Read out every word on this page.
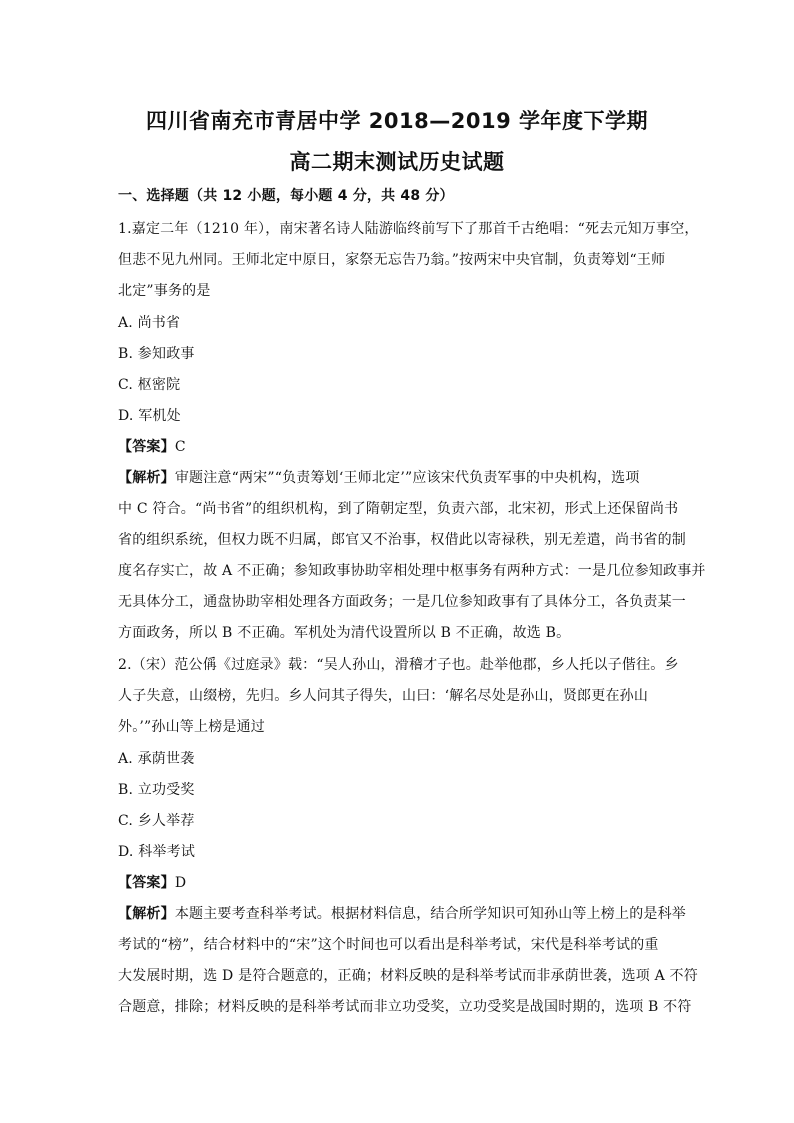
四川省南充市青居中学 2018—2019 学年度下学期
高二期末测试历史试题
一、选择题（共 12 小题，每小题 4 分，共 48 分）
1.嘉定二年（1210 年），南宋著名诗人陆游临终前写下了那首千古绝唱：“死去元知万事空，
但悲不见九州同。王师北定中原日，家祭无忘告乃翁。”按两宋中央官制，负责筹划“王师
北定”事务的是
A. 尚书省
B. 参知政事
C. 枢密院
D. 军机处
【答案】C
【解析】审题注意“两宋”“负责筹划‘王师北定’”应该宋代负责军事的中央机构，选项
中 C 符合。“尚书省”的组织机构，到了隋朝定型，负责六部，北宋初，形式上还保留尚书
省的组织系统，但权力既不归属，郎官又不治事，权借此以寄禄秩，别无差遣，尚书省的制
度名存实亡，故 A 不正确；参知政事协助宰相处理中枢事务有两种方式：一是几位参知政事并
无具体分工，通盘协助宰相处理各方面政务；一是几位参知政事有了具体分工，各负责某一
方面政务，所以 B 不正确。军机处为清代设置所以 B 不正确，故选 B。
2.（宋）范公偁《过庭录》载：“吴人孙山，滑稽才子也。赴举他郡，乡人托以子偕往。乡
人子失意，山缀榜，先归。乡人问其子得失，山曰：‘解名尽处是孙山，贤郎更在孙山
外。’”孙山等上榜是通过
A. 承荫世袭
B. 立功受奖
C. 乡人举荐
D. 科举考试
【答案】D
【解析】本题主要考查科举考试。根据材料信息，结合所学知识可知孙山等上榜上的是科举
考试的“榜”，结合材料中的“宋”这个时间也可以看出是科举考试，宋代是科举考试的重
大发展时期，选 D 是符合题意的，正确；材料反映的是科举考试而非承荫世袭，选项 A 不符
合题意，排除；材料反映的是科举考试而非立功受奖，立功受奖是战国时期的，选项 B 不符
